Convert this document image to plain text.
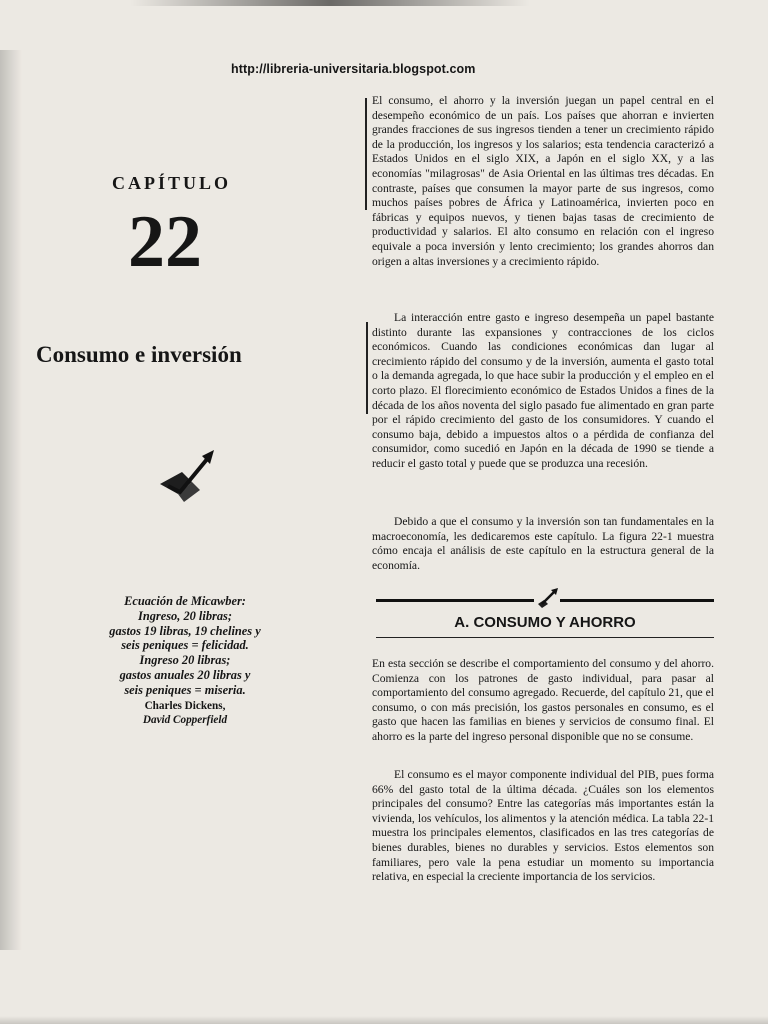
http://libreria-universitaria.blogspot.com
CAPÍTULO
22
Consumo e inversión
Ecuación de Micawber:
Ingreso, 20 libras;
gastos 19 libras, 19 chelines y
seis peniques = felicidad.
Ingreso 20 libras;
gastos anuales 20 libras y
seis peniques = miseria.
Charles Dickens,
David Copperfield

El consumo, el ahorro y la inversión juegan un papel central en el desempeño económico de un país. Los países que ahorran e invierten grandes fracciones de sus ingresos tienden a tener un crecimiento rápido de la producción, los ingresos y los salarios; esta tendencia caracterizó a Estados Unidos en el siglo XIX, a Japón en el siglo XX, y a las economías "milagrosas" de Asia Oriental en las últimas tres décadas. En contraste, países que consumen la mayor parte de sus ingresos, como muchos países pobres de África y Latinoamérica, invierten poco en fábricas y equipos nuevos, y tienen bajas tasas de crecimiento de productividad y salarios. El alto consumo en relación con el ingreso equivale a poca inversión y lento crecimiento; los grandes ahorros dan origen a altas inversiones y a crecimiento rápido.

La interacción entre gasto e ingreso desempeña un papel bastante distinto durante las expansiones y contracciones de los ciclos económicos. Cuando las condiciones económicas dan lugar al crecimiento rápido del consumo y de la inversión, aumenta el gasto total o la demanda agregada, lo que hace subir la producción y el empleo en el corto plazo. El florecimiento económico de Estados Unidos a fines de la década de los años noventa del siglo pasado fue alimentado en gran parte por el rápido crecimiento del gasto de los consumidores. Y cuando el consumo baja, debido a impuestos altos o a pérdida de confianza del consumidor, como sucedió en Japón en la década de 1990 se tiende a reducir el gasto total y puede que se produzca una recesión.

Debido a que el consumo y la inversión son tan fundamentales en la macroeconomía, les dedicaremos este capítulo. La figura 22-1 muestra cómo encaja el análisis de este capítulo en la estructura general de la economía.

A. CONSUMO Y AHORRO

En esta sección se describe el comportamiento del consumo y del ahorro. Comienza con los patrones de gasto individual, para pasar al comportamiento del consumo agregado. Recuerde, del capítulo 21, que el consumo, o con más precisión, los gastos personales en consumo, es el gasto que hacen las familias en bienes y servicios de consumo final. El ahorro es la parte del ingreso personal disponible que no se consume.

El consumo es el mayor componente individual del PIB, pues forma 66% del gasto total de la última década. ¿Cuáles son los elementos principales del consumo? Entre las categorías más importantes están la vivienda, los vehículos, los alimentos y la atención médica. La tabla 22-1 muestra los principales elementos, clasificados en las tres categorías de bienes durables, bienes no durables y servicios. Estos elementos son familiares, pero vale la pena estudiar un momento su importancia relativa, en especial la creciente importancia de los servicios.
